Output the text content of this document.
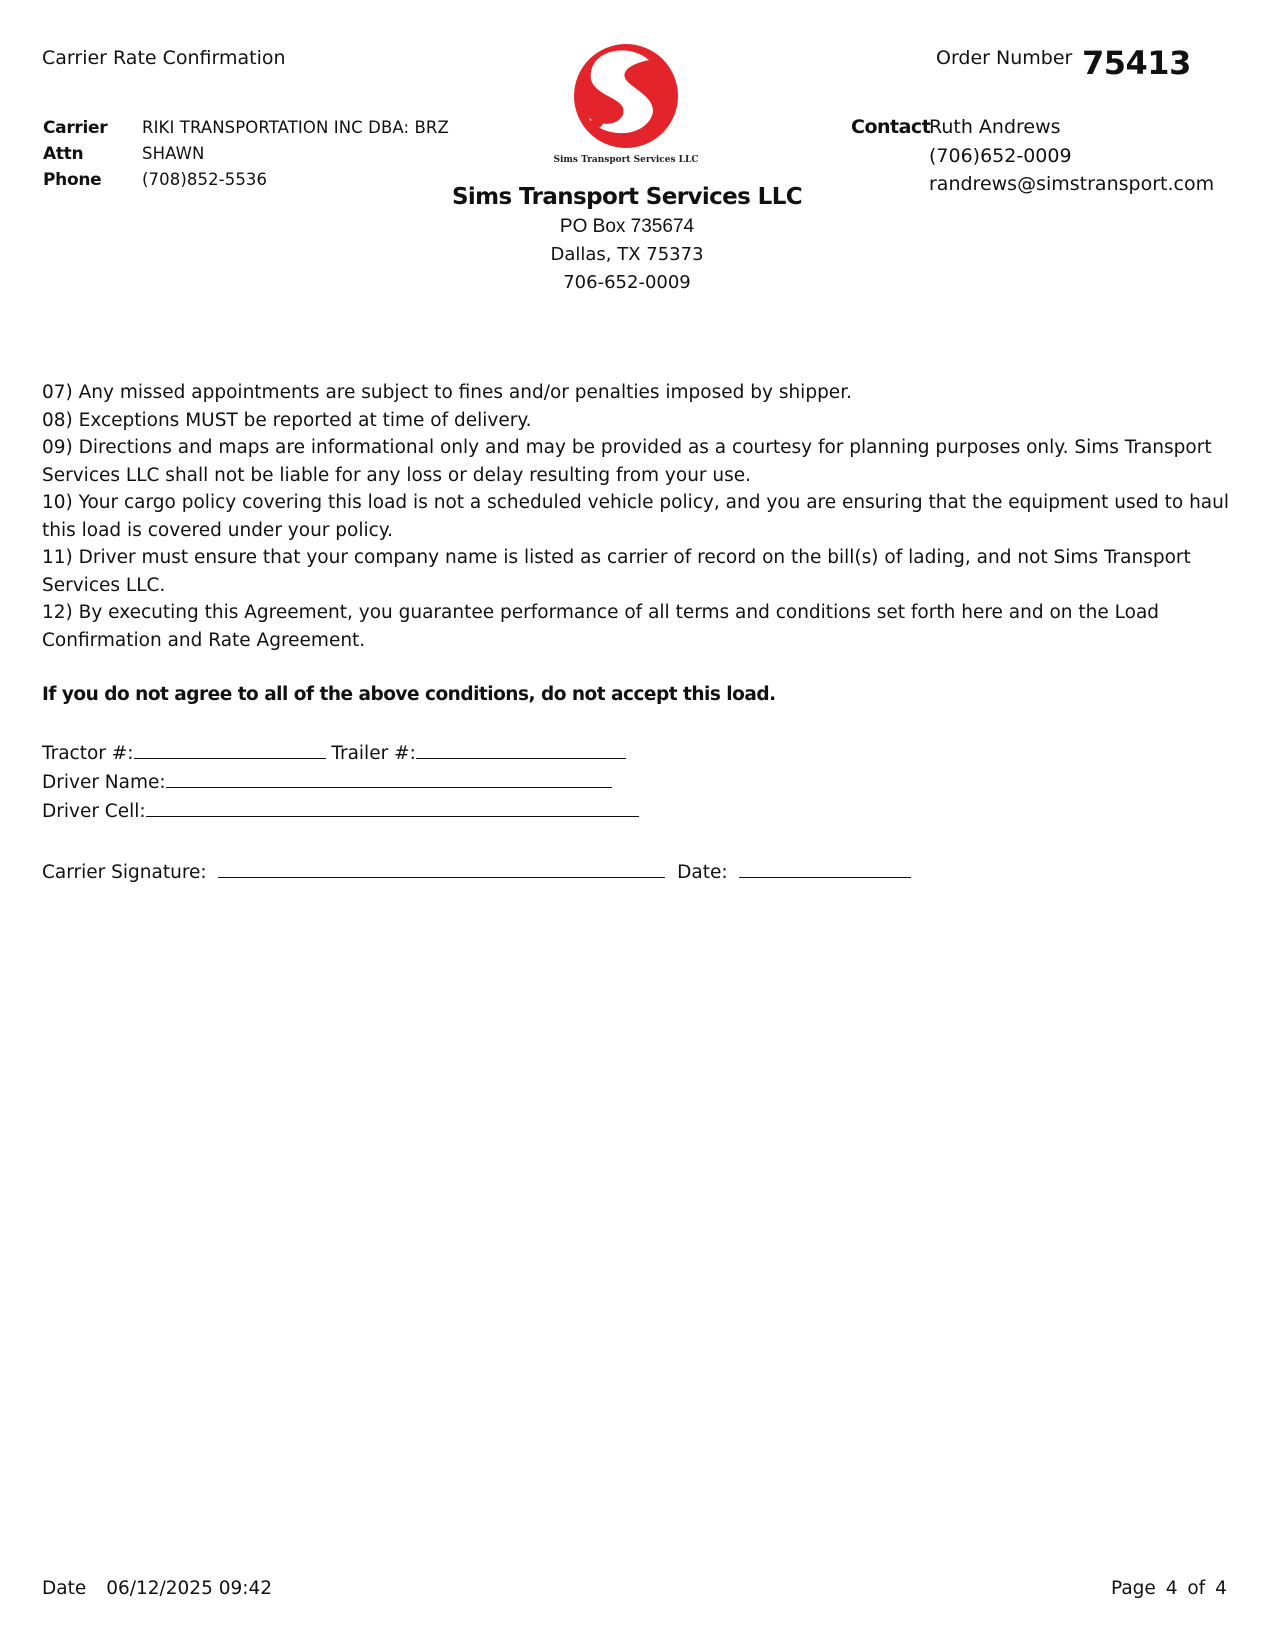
Carrier Rate Confirmation	Order Number 75413
Carrier	RIKI TRANSPORTATION INC DBA: BRZ
Attn	SHAWN
Phone	(708)852-5536
Sims Transport Services LLC
Sims Transport Services LLC
PO Box 735674
Dallas, TX 75373
706-652-0009
Contact
Ruth Andrews
(706)652-0009
randrews@simstransport.com

07) Any missed appointments are subject to fines and/or penalties imposed by shipper.

08) Exceptions MUST be reported at time of delivery.

09) Directions and maps are informational only and may be provided as a courtesy for planning purposes only. Sims Transport Services LLC shall not be liable for any loss or delay resulting from your use.

10) Your cargo policy covering this load is not a scheduled vehicle policy, and you are ensuring that the equipment used to haul this load is covered under your policy.

11) Driver must ensure that your company name is listed as carrier of record on the bill(s) of lading, and not Sims Transport Services LLC.

12) By executing this Agreement, you guarantee performance of all terms and conditions set forth here and on the Load Confirmation and Rate Agreement.

If you do not agree to all of the above conditions, do not accept this load.
Tractor #:	Trailer #:
Driver Name:
Driver Cell:
Carrier Signature:	Date:
Date 06/12/2025 09:42	Page 4 of 4
